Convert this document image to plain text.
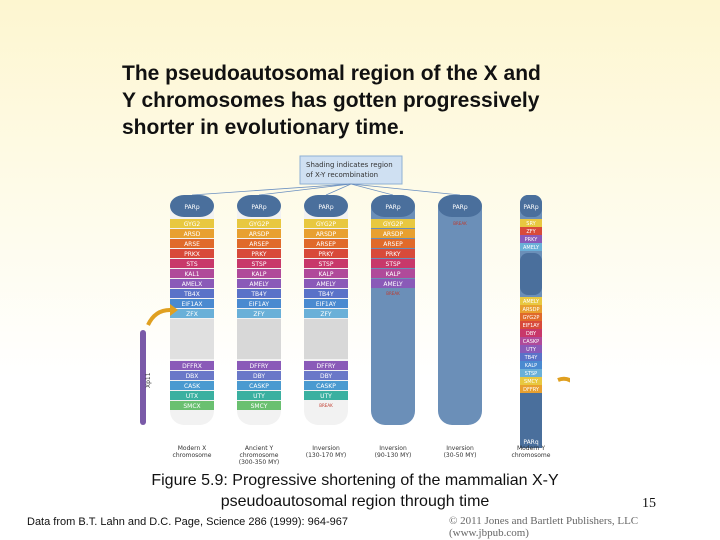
The pseudoautosomal region of the X and
Y chromosomes has gotten progressively
shorter in evolutionary time.

Shading indicates region
of X-Y recombination
PARp
GYG2
ARSD
ARSE
PRKX
STS
KAL1
AMELX
TB4X
EIF1AX
ZFX
DFFRX
DBX
CASK
UTX
SMCX
Modern X
chromosome
PARp
GYG2P
ARSDP
ARSEP
PRKY
STSP
KALP
AMELY
TB4Y
EIF1AY
ZFY
DFFRY
DBY
CASKP
UTY
SMCY
Ancient Y
chromosome
(300-350 MY)
PARp
GYG2P
ARSDP
ARSEP
PRKY
STSP
KALP
AMELY
TB4Y
EIF1AY
ZFY
DFFRY
DBY
CASKP
UTY
BREAK
Inversion
(130-170 MY)
PARp
GYG2P
ARSDP
ARSEP
PRKY
STSP
KALP
AMELY
BREAK
Inversion
(90-130 MY)
PARp
BREAK
Inversion
(30-50 MY)
PARp
SRY
ZFY
PRKY
AMELY
AMELY
ARSDP
GYG2P
EIF1AY
DBY
CASKP
UTY
TB4Y
KALP
STSP
SMCY
DFFRY
PARq
Modern Y
chromosome
Xp11
Figure 5.9: Progressive shortening of the mammalian X-Y
pseudoautosomal region through time	15
Data from B.T. Lahn and D.C. Page, Science 286 (1999): 964-967	© 2011 Jones and Bartlett Publishers, LLC (www.jbpub.com)
